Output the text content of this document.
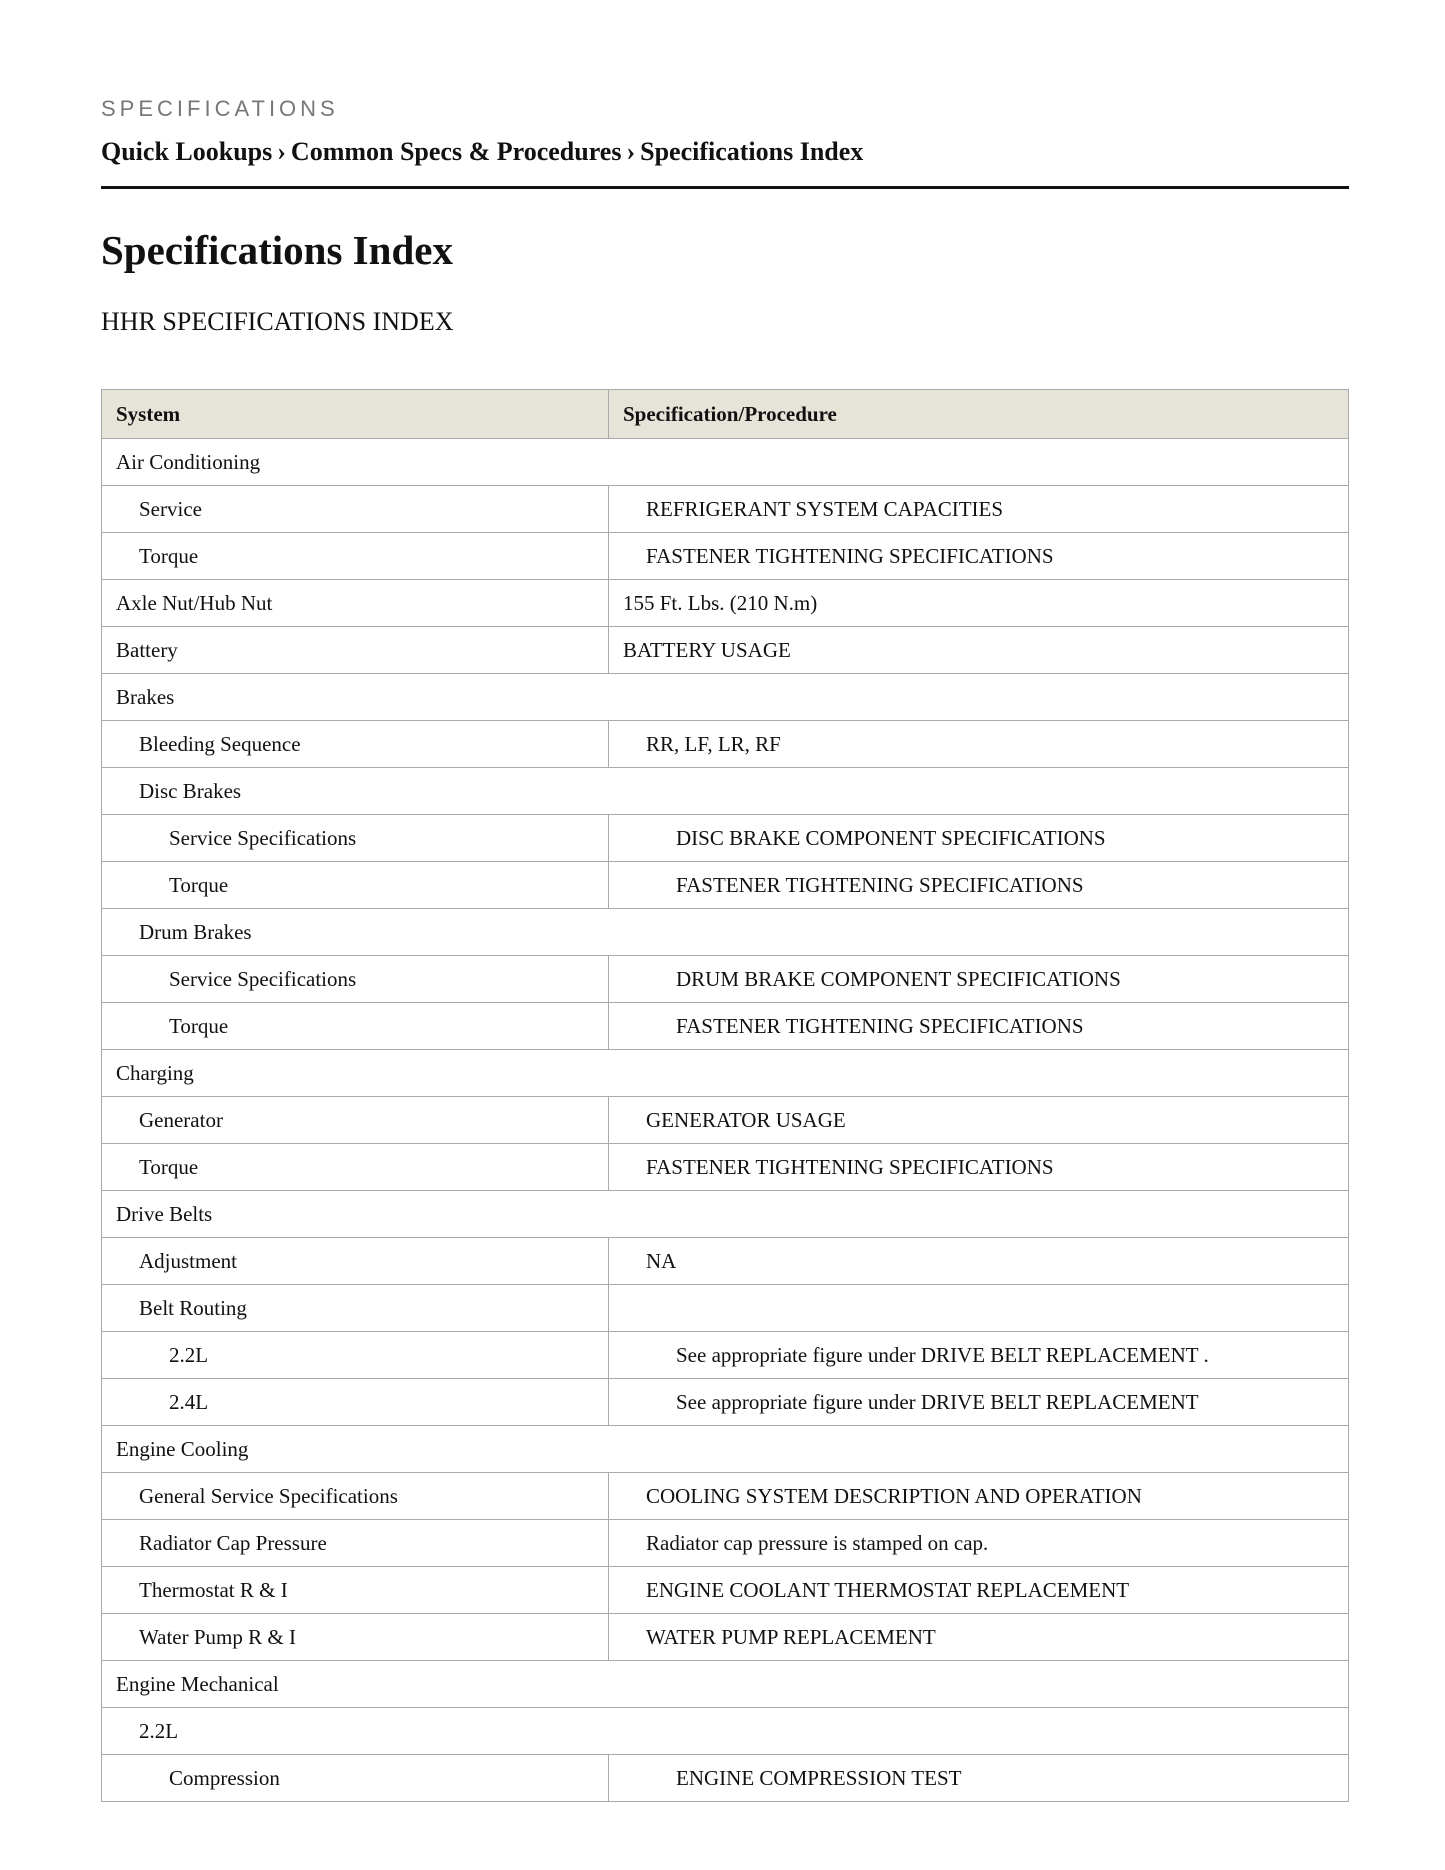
SPECIFICATIONS

Quick Lookups › Common Specs & Procedures › Specifications Index
Specifications Index

HHR SPECIFICATIONS INDEX

System	Specification/Procedure
Air Conditioning	
Service	REFRIGERANT SYSTEM CAPACITIES
Torque	FASTENER TIGHTENING SPECIFICATIONS
Axle Nut/Hub Nut	155 Ft. Lbs. (210 N.m)
Battery	BATTERY USAGE
Brakes	
Bleeding Sequence	RR, LF, LR, RF
Disc Brakes	
Service Specifications	DISC BRAKE COMPONENT SPECIFICATIONS
Torque	FASTENER TIGHTENING SPECIFICATIONS
Drum Brakes	
Service Specifications	DRUM BRAKE COMPONENT SPECIFICATIONS
Torque	FASTENER TIGHTENING SPECIFICATIONS
Charging	
Generator	GENERATOR USAGE
Torque	FASTENER TIGHTENING SPECIFICATIONS
Drive Belts	
Adjustment	NA
Belt Routing	
2.2L	See appropriate figure under DRIVE BELT REPLACEMENT .
2.4L	See appropriate figure under DRIVE BELT REPLACEMENT
Engine Cooling	
General Service Specifications	COOLING SYSTEM DESCRIPTION AND OPERATION
Radiator Cap Pressure	Radiator cap pressure is stamped on cap.
Thermostat R & I	ENGINE COOLANT THERMOSTAT REPLACEMENT
Water Pump R & I	WATER PUMP REPLACEMENT
Engine Mechanical	
2.2L	
Compression	ENGINE COMPRESSION TEST
